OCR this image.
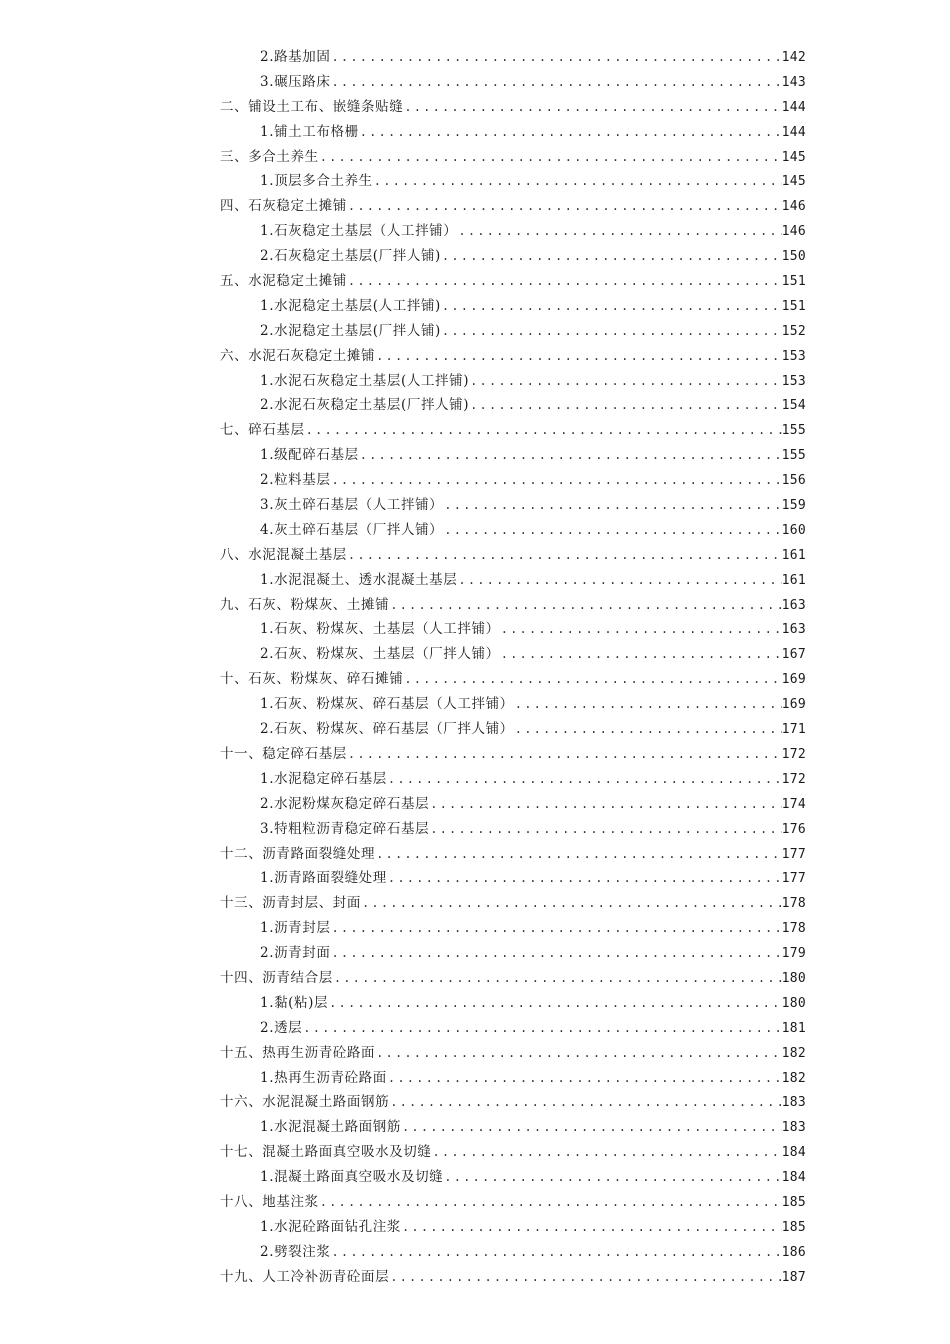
2.路基加固 .....	142
3.碾压路床 .....	143
二、铺设土工布、嵌缝条贴缝 .....	144
1.铺土工布格栅 .....	144
三、多合土养生 .....	145
1.顶层多合土养生 .....	145
四、石灰稳定土摊铺 .....	146
1.石灰稳定土基层（人工拌铺） .....	146
2.石灰稳定土基层(厂拌人铺) .....	150
五、水泥稳定土摊铺 .....	151
1.水泥稳定土基层(人工拌铺) .....	151
2.水泥稳定土基层(厂拌人铺) .....	152
六、水泥石灰稳定土摊铺 .....	153
1.水泥石灰稳定土基层(人工拌铺) .....	153
2.水泥石灰稳定土基层(厂拌人铺) .....	154
七、碎石基层 .....	155
1.级配碎石基层 .....	155
2.粒料基层 .....	156
3.灰土碎石基层（人工拌铺） .....	159
4.灰土碎石基层（厂拌人铺） .....	160
八、水泥混凝土基层 .....	161
1.水泥混凝土、透水混凝土基层 .....	161
九、石灰、粉煤灰、土摊铺 .....	163
1.石灰、粉煤灰、土基层（人工拌铺） .....	163
2.石灰、粉煤灰、土基层（厂拌人铺） .....	167
十、石灰、粉煤灰、碎石摊铺 .....	169
1.石灰、粉煤灰、碎石基层（人工拌铺） .....	169
2.石灰、粉煤灰、碎石基层（厂拌人铺） .....	171
十一、稳定碎石基层 .....	172
1.水泥稳定碎石基层 .....	172
2.水泥粉煤灰稳定碎石基层 .....	174
3.特粗粒沥青稳定碎石基层 .....	176
十二、沥青路面裂缝处理 .....	177
1.沥青路面裂缝处理 .....	177
十三、沥青封层、封面 .....	178
1.沥青封层 .....	178
2.沥青封面 .....	179
十四、沥青结合层 .....	180
1.黏(粘)层 .....	180
2.透层 .....	181
十五、热再生沥青砼路面 .....	182
1.热再生沥青砼路面 .....	182
十六、水泥混凝土路面钢筋 .....	183
1.水泥混凝土路面钢筋 .....	183
十七、混凝土路面真空吸水及切缝 .....	184
1.混凝土路面真空吸水及切缝 .....	184
十八、地基注浆 .....	185
1.水泥砼路面钻孔注浆 .....	185
2.劈裂注浆 .....	186
十九、人工冷补沥青砼面层 .....	187
